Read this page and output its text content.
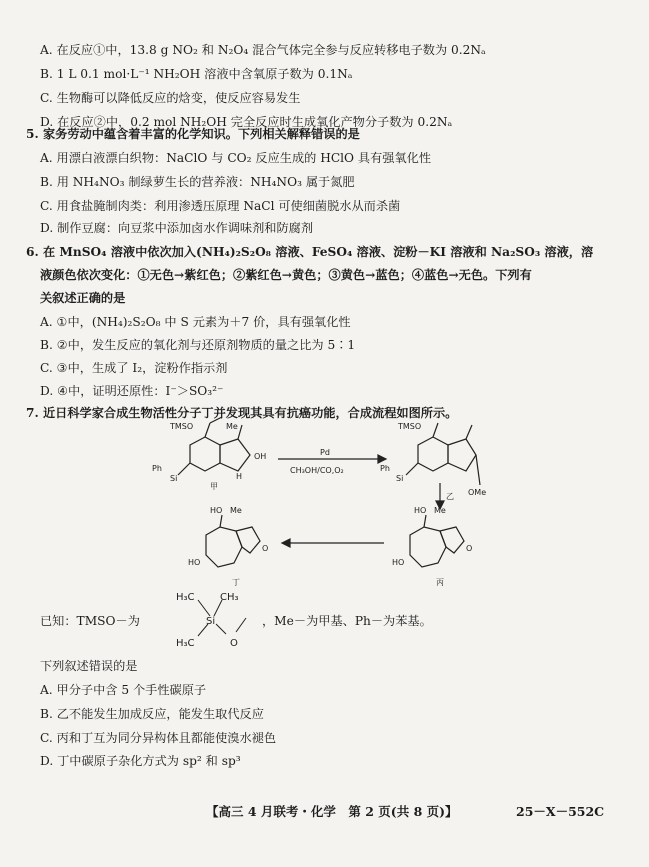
A. 在反应①中，13.8 g NO₂ 和 N₂O₄ 混合气体完全参与反应转移电子数为 0.2Nₐ
B. 1 L 0.1 mol·L⁻¹ NH₂OH 溶液中含氧原子数为 0.1Nₐ
C. 生物酶可以降低反应的焓变，使反应容易发生
D. 在反应②中，0.2 mol NH₂OH 完全反应时生成氧化产物分子数为 0.2Nₐ
5. 家务劳动中蕴含着丰富的化学知识。下列相关解释错误的是
A. 用漂白液漂白织物：NaClO 与 CO₂ 反应生成的 HClO 具有强氧化性
B. 用 NH₄NO₃ 制绿萝生长的营养液：NH₄NO₃ 属于氮肥
C. 用食盐腌制肉类：利用渗透压原理 NaCl 可使细菌脱水从而杀菌
D. 制作豆腐：向豆浆中添加卤水作调味剂和防腐剂
6. 在 MnSO₄ 溶液中依次加入(NH₄)₂S₂O₈ 溶液、FeSO₄ 溶液、淀粉－KI 溶液和 Na₂SO₃ 溶液，溶
液颜色依次变化：①无色→紫红色；②紫红色→黄色；③黄色→蓝色；④蓝色→无色。下列有
关叙述正确的是
A. ①中，(NH₄)₂S₂O₈ 中 S 元素为＋7 价，具有强氧化性
B. ②中，发生反应的氧化剂与还原剂物质的量之比为 5∶1
C. ③中，生成了 I₂，淀粉作指示剂
D. ④中，证明还原性：I⁻＞SO₃²⁻
7. 近日科学家合成生物活性分子丁并发现其具有抗癌功能，合成流程如图所示。
TMSO	Me
OH
Ph
Si	H
甲
Pd
CH₃OH/CO,O₂
TMSO
Ph
Si
OMe
乙
HO Me
HO
O
丙
HO Me
HO
O
丁
已知：TMSO－为
H₃C	CH₃
Si
H₃C	O
，Me－为甲基、Ph－为苯基。
下列叙述错误的是
A. 甲分子中含 5 个手性碳原子
B. 乙不能发生加成反应，能发生取代反应
C. 丙和丁互为同分异构体且都能使溴水褪色
D. 丁中碳原子杂化方式为 sp² 和 sp³
【高三 4 月联考・化学　第 2 页(共 8 页)】	25－X－552C
